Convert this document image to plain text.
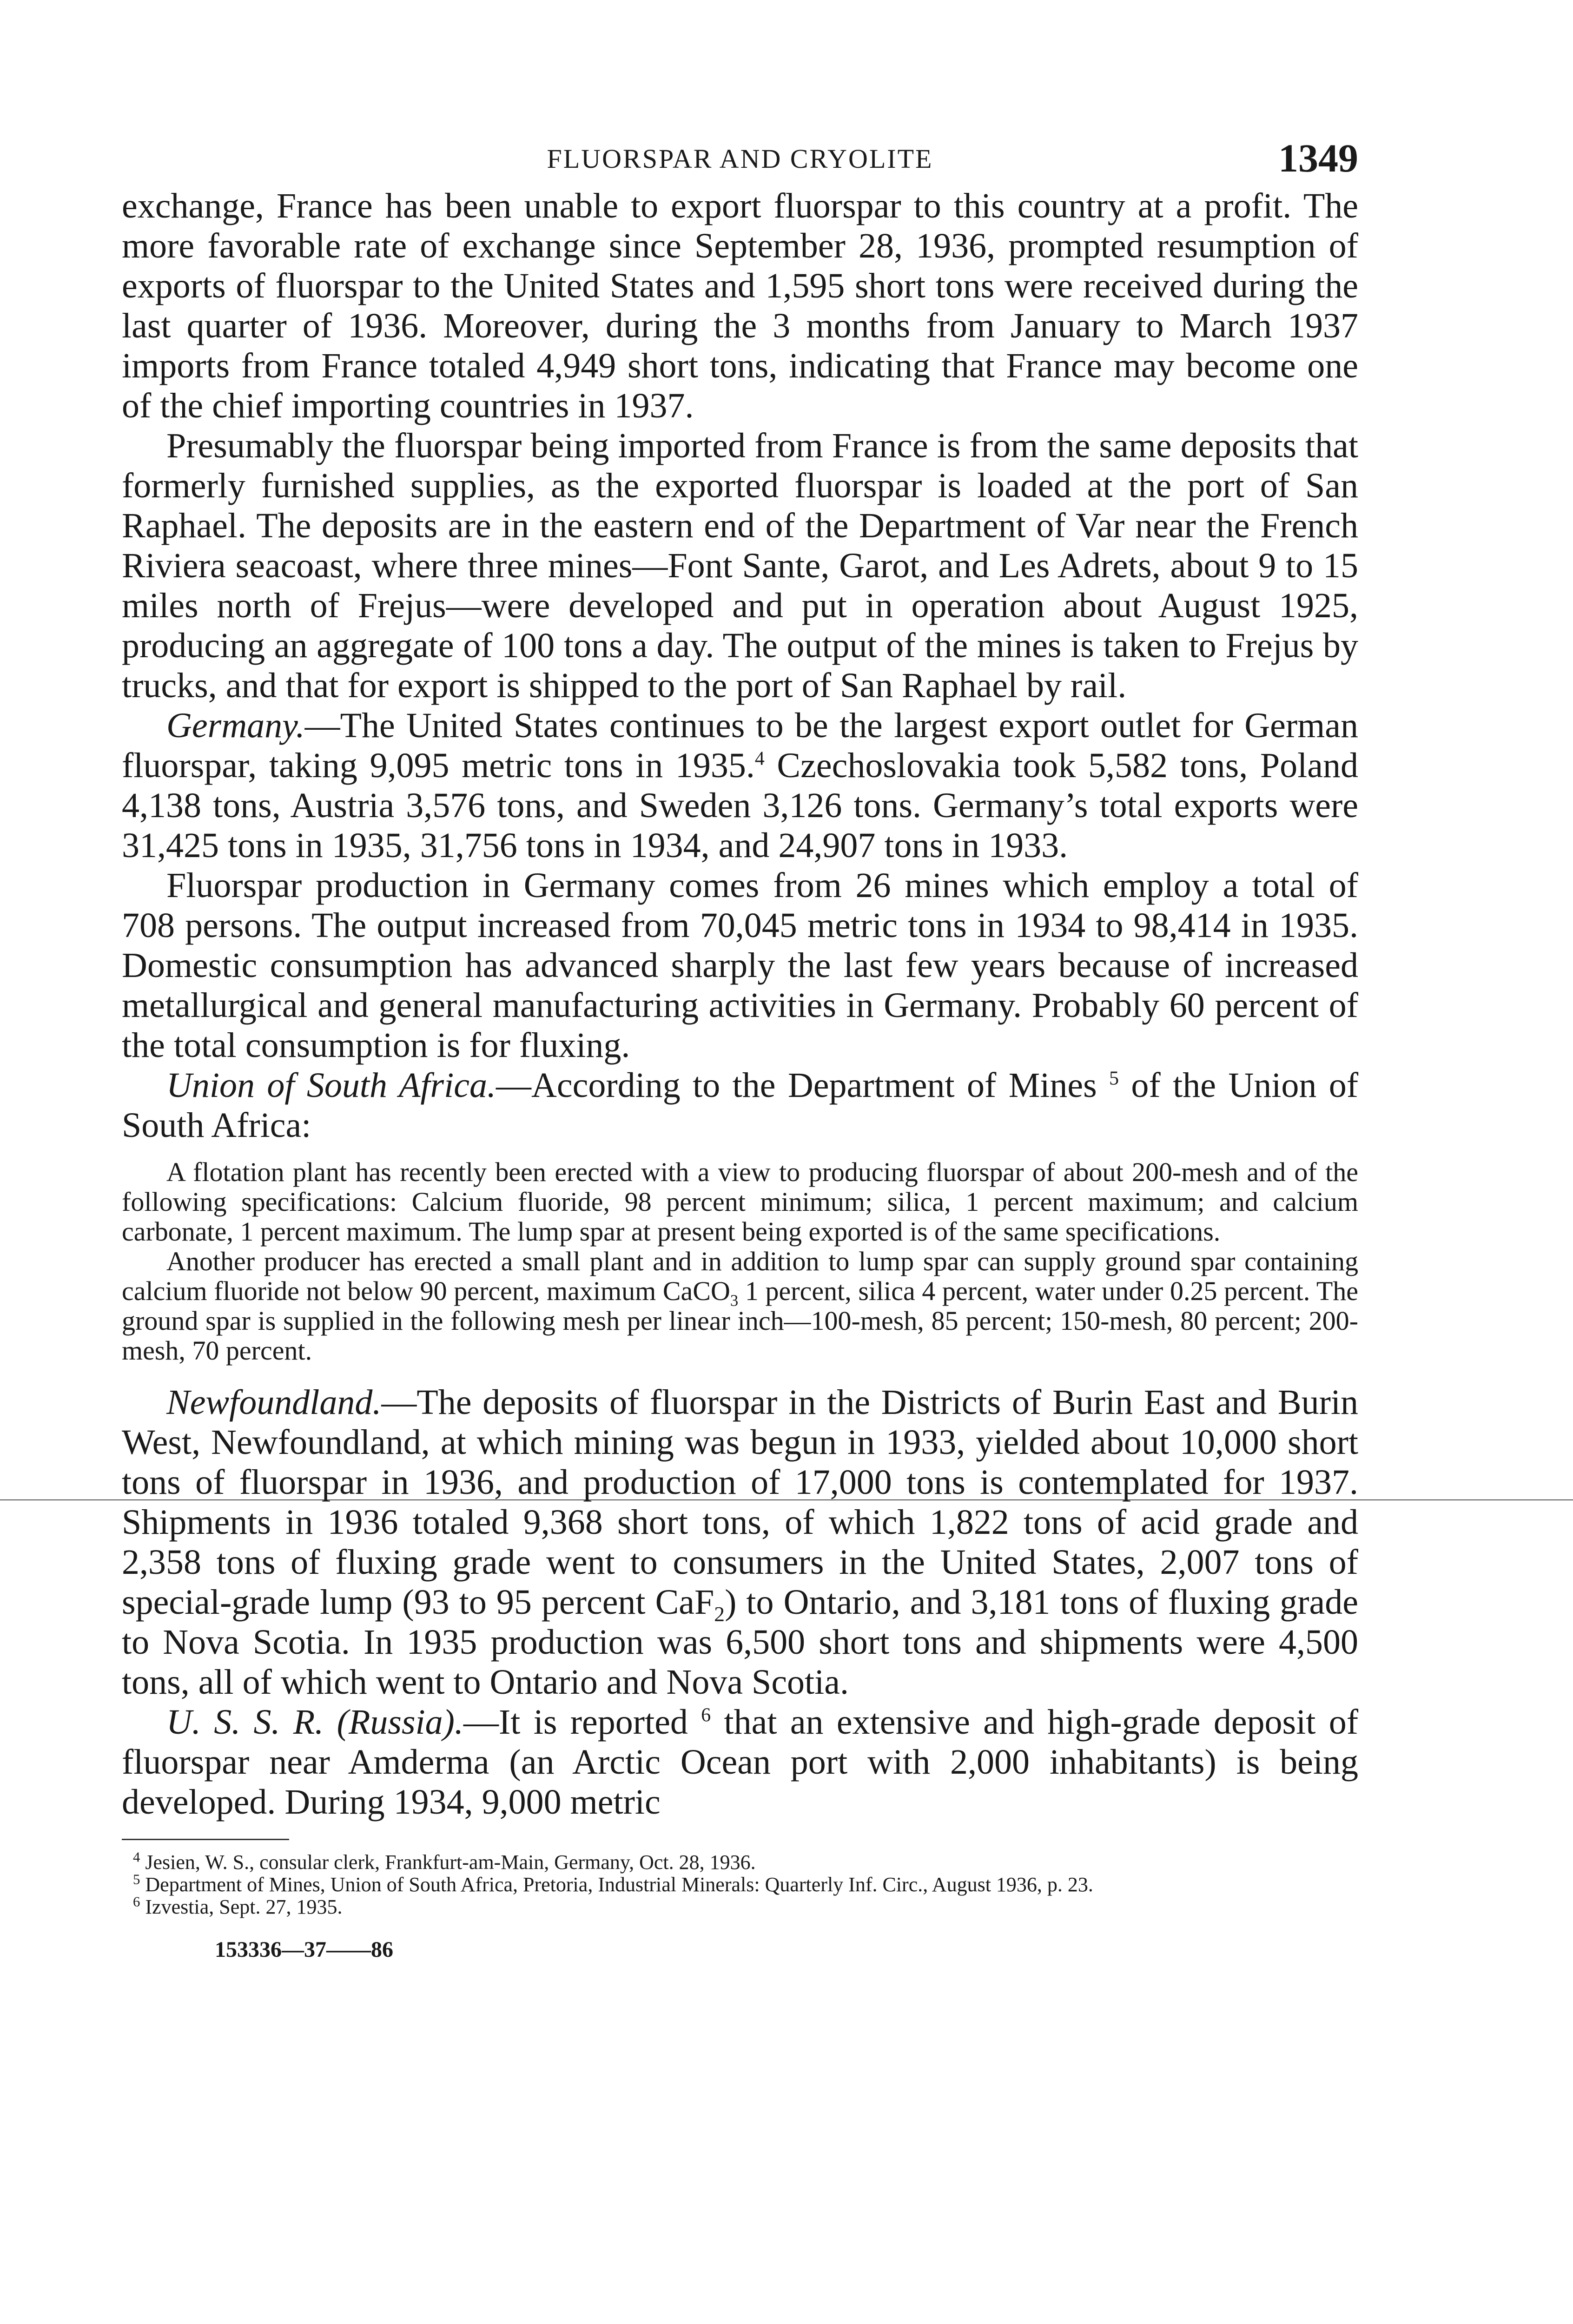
FLUORSPAR AND CRYOLITE	1349

exchange, France has been unable to export fluorspar to this country at a profit. The more favorable rate of exchange since September 28, 1936, prompted resumption of exports of fluorspar to the United States and 1,595 short tons were received during the last quarter of 1936. Moreover, during the 3 months from January to March 1937 imports from France totaled 4,949 short tons, indicating that France may become one of the chief importing countries in 1937.

Presumably the fluorspar being imported from France is from the same deposits that formerly furnished supplies, as the exported fluorspar is loaded at the port of San Raphael. The deposits are in the eastern end of the Department of Var near the French Riviera seacoast, where three mines—Font Sante, Garot, and Les Adrets, about 9 to 15 miles north of Frejus—were developed and put in operation about August 1925, producing an aggregate of 100 tons a day. The output of the mines is taken to Frejus by trucks, and that for export is shipped to the port of San Raphael by rail.

Germany.—The United States continues to be the largest export outlet for German fluorspar, taking 9,095 metric tons in 1935.$^4$ Czechoslovakia took 5,582 tons, Poland 4,138 tons, Austria 3,576 tons, and Sweden 3,126 tons. Germany’s total exports were 31,425 tons in 1935, 31,756 tons in 1934, and 24,907 tons in 1933.

Fluorspar production in Germany comes from 26 mines which employ a total of 708 persons. The output increased from 70,045 metric tons in 1934 to 98,414 in 1935. Domestic consumption has advanced sharply the last few years because of increased metallurgical and general manufacturing activities in Germany. Probably 60 percent of the total consumption is for fluxing.

Union of South Africa.—According to the Department of Mines $^5$ of the Union of South Africa:

A flotation plant has recently been erected with a view to producing fluorspar of about 200-mesh and of the following specifications: Calcium fluoride, 98 percent minimum; silica, 1 percent maximum; and calcium carbonate, 1 percent maximum. The lump spar at present being exported is of the same specifications.

Another producer has erected a small plant and in addition to lump spar can supply ground spar containing calcium fluoride not below 90 percent, maximum CaCO$_3$ 1 percent, silica 4 percent, water under 0.25 percent. The ground spar is supplied in the following mesh per linear inch—100-mesh, 85 percent; 150-mesh, 80 percent; 200-mesh, 70 percent.

Newfoundland.—The deposits of fluorspar in the Districts of Burin East and Burin West, Newfoundland, at which mining was begun in 1933, yielded about 10,000 short tons of fluorspar in 1936, and production of 17,000 tons is contemplated for 1937. Shipments in 1936 totaled 9,368 short tons, of which 1,822 tons of acid grade and 2,358 tons of fluxing grade went to consumers in the United States, 2,007 tons of special-grade lump (93 to 95 percent CaF$_2$) to Ontario, and 3,181 tons of fluxing grade to Nova Scotia. In 1935 production was 6,500 short tons and shipments were 4,500 tons, all of which went to Ontario and Nova Scotia.

U. S. S. R. (Russia).—It is reported $^6$ that an extensive and high-grade deposit of fluorspar near Amderma (an Arctic Ocean port with 2,000 inhabitants) is being developed. During 1934, 9,000 metric

$^4$ Jesien, W. S., consular clerk, Frankfurt-am-Main, Germany, Oct. 28, 1936.

$^5$ Department of Mines, Union of South Africa, Pretoria, Industrial Minerals: Quarterly Inf. Circ., August 1936, p. 23.

$^6$ Izvestia, Sept. 27, 1935.

153336—37——86
